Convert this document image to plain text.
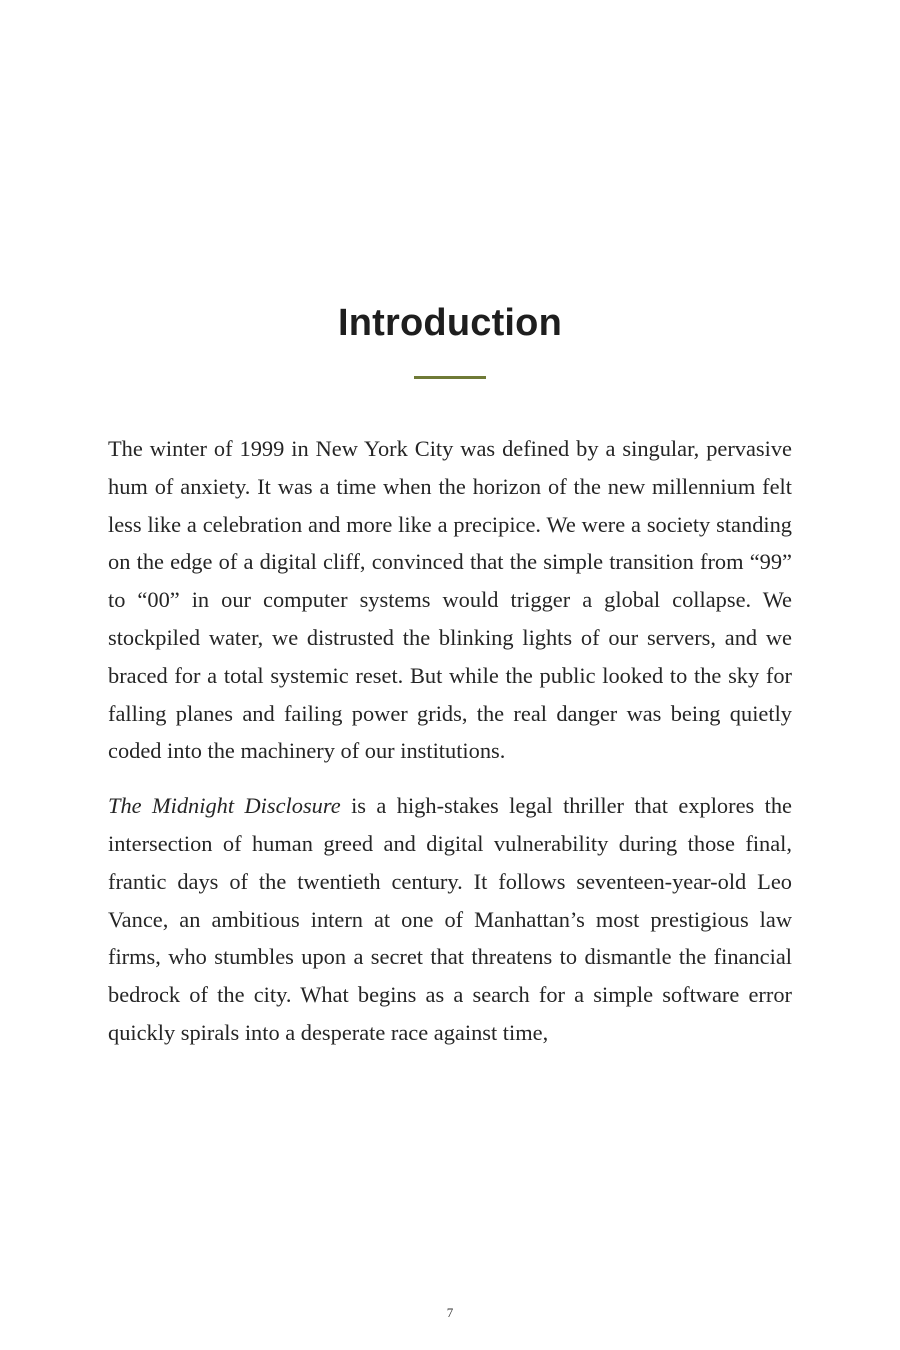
Introduction

The winter of 1999 in New York City was defined by a singular, pervasive hum of anxiety. It was a time when the horizon of the new millennium felt less like a celebration and more like a precipice. We were a society standing on the edge of a digital cliff, convinced that the simple transition from “99” to “00” in our computer systems would trigger a global collapse. We stockpiled water, we distrusted the blinking lights of our servers, and we braced for a total systemic reset. But while the public looked to the sky for falling planes and failing power grids, the real danger was being quietly coded into the machinery of our institutions.

The Midnight Disclosure is a high-stakes legal thriller that explores the intersection of human greed and digital vulnerability during those final, frantic days of the twentieth century. It follows seventeen-year-old Leo Vance, an ambitious intern at one of Manhattan’s most prestigious law firms, who stumbles upon a secret that threatens to dismantle the financial bedrock of the city. What begins as a search for a simple software error quickly spirals into a desperate race against time,

7
